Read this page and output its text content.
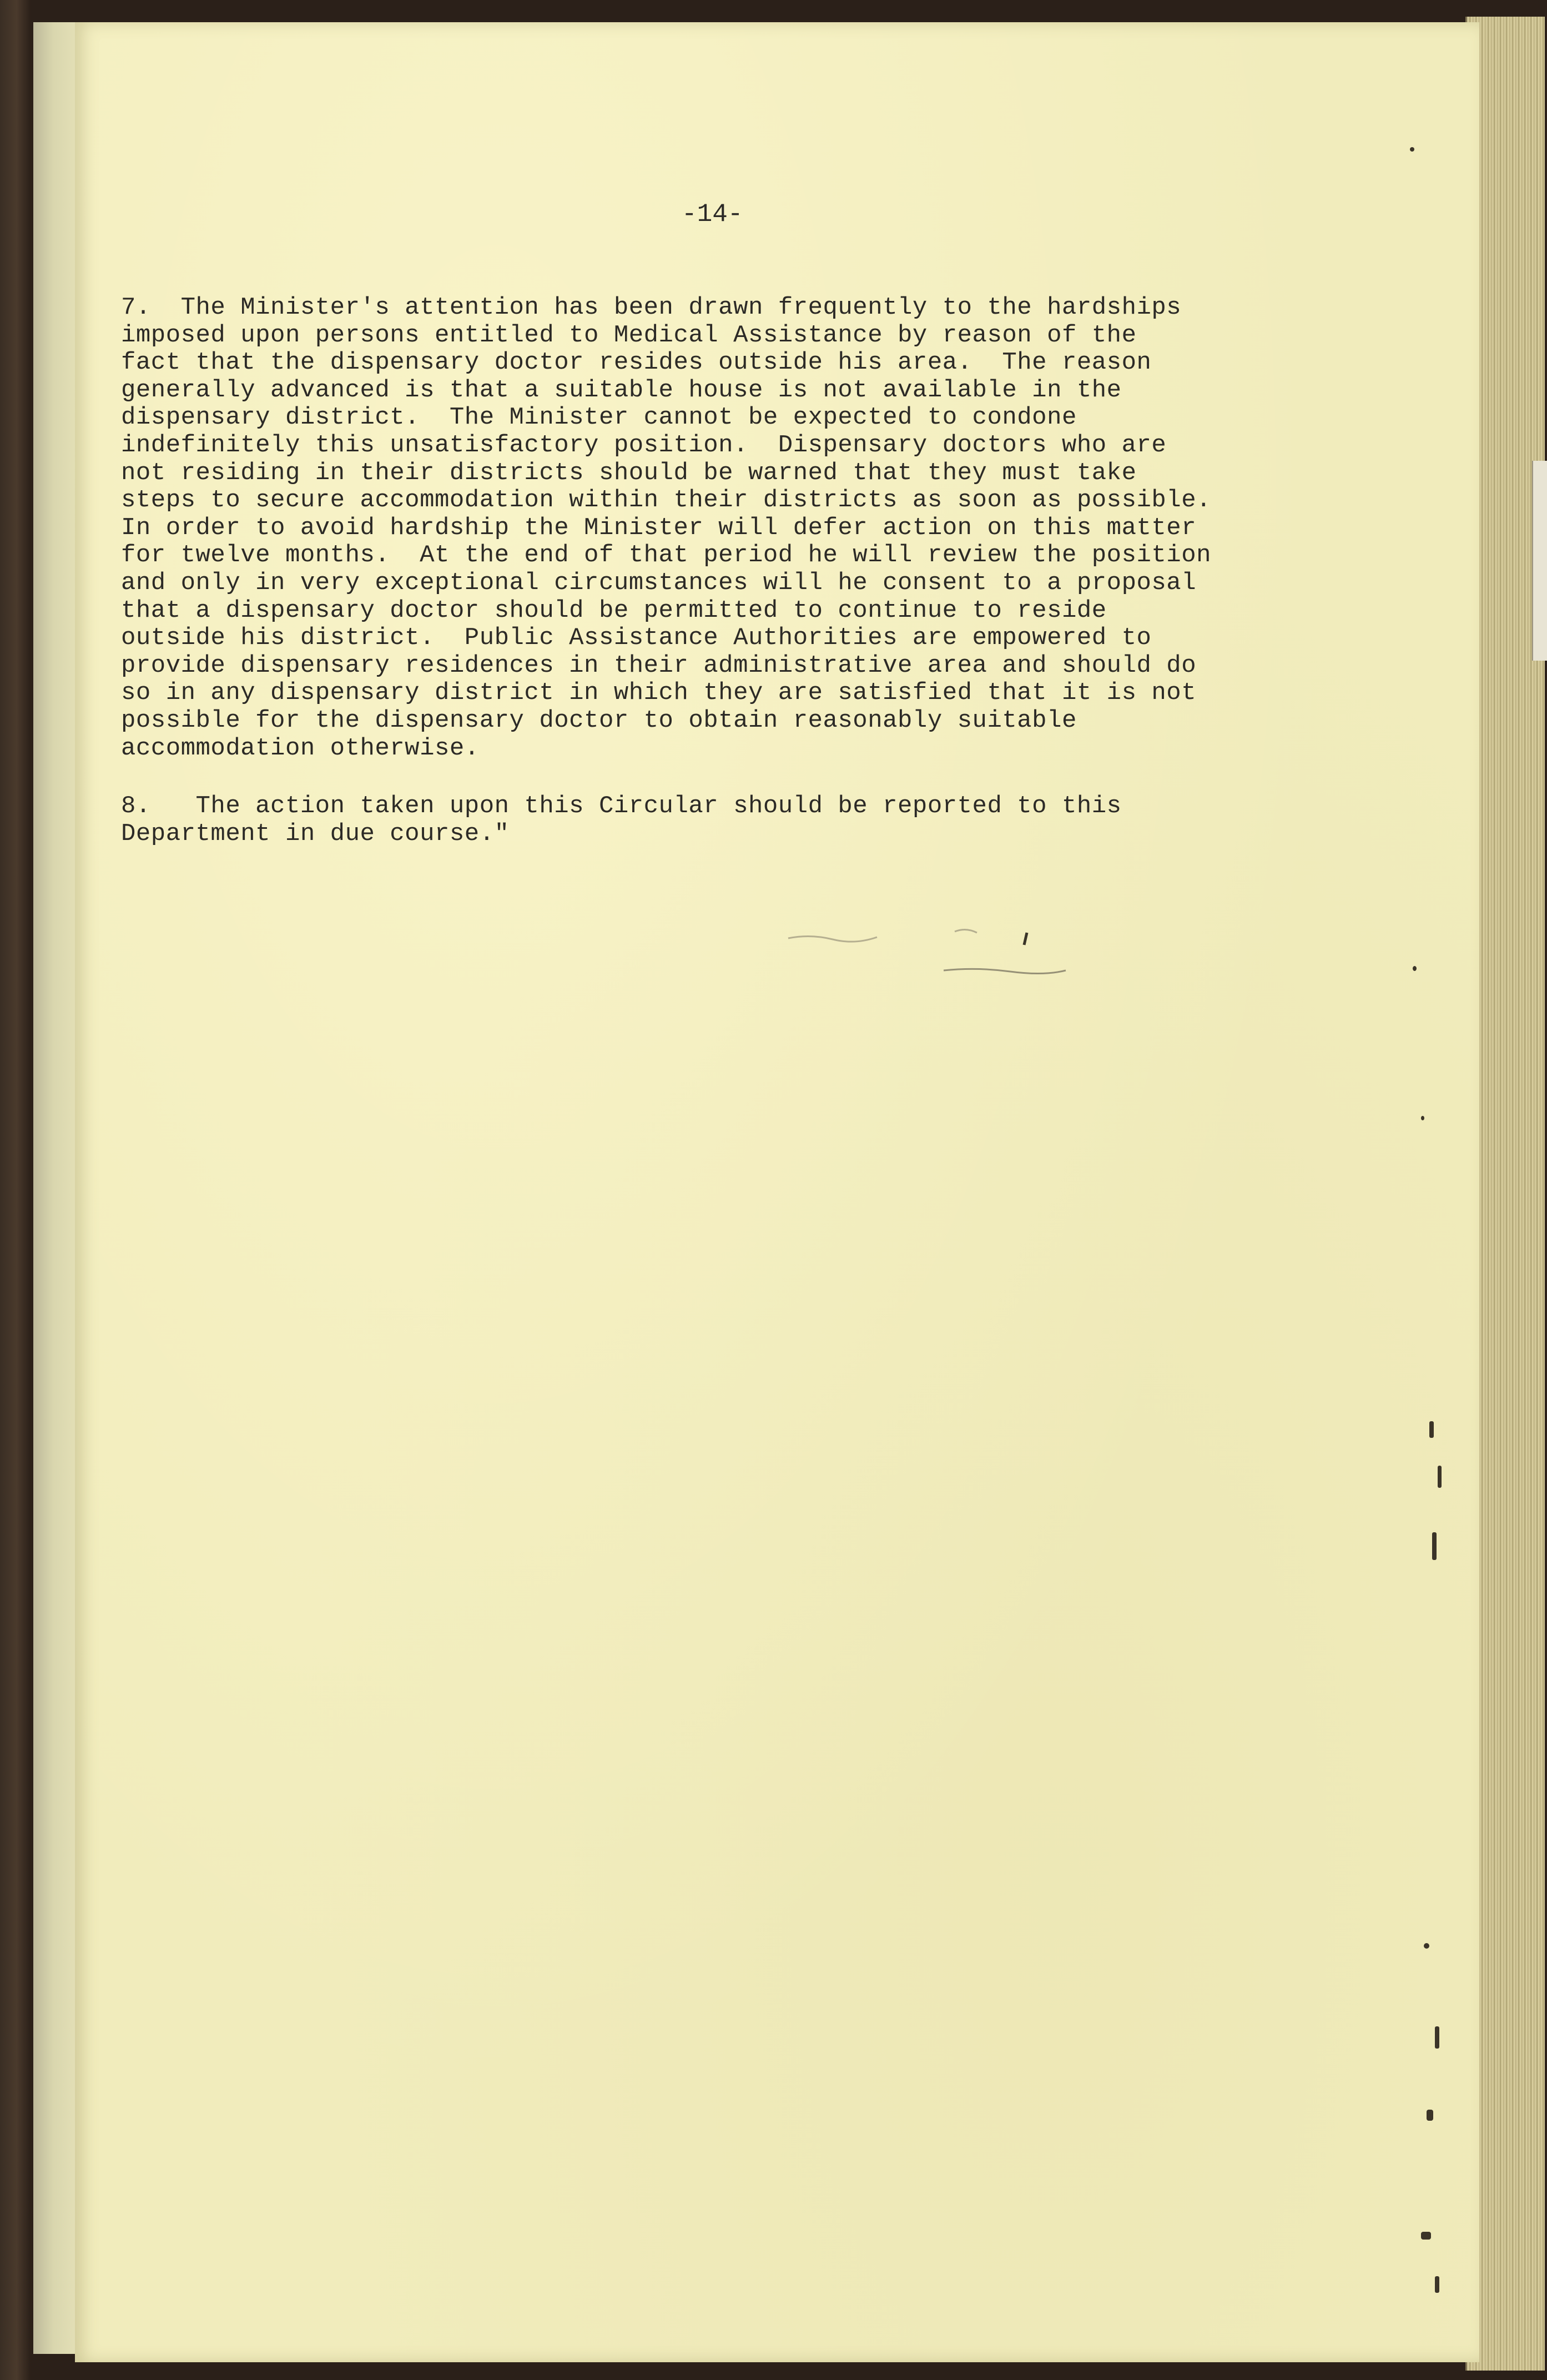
-14-
7.  The Minister's attention has been drawn frequently to the hardships
imposed upon persons entitled to Medical Assistance by reason of the
fact that the dispensary doctor resides outside his area.  The reason
generally advanced is that a suitable house is not available in the
dispensary district.  The Minister cannot be expected to condone
indefinitely this unsatisfactory position.  Dispensary doctors who are
not residing in their districts should be warned that they must take
steps to secure accommodation within their districts as soon as possible.
In order to avoid hardship the Minister will defer action on this matter
for twelve months.  At the end of that period he will review the position
and only in very exceptional circumstances will he consent to a proposal
that a dispensary doctor should be permitted to continue to reside
outside his district.  Public Assistance Authorities are empowered to
provide dispensary residences in their administrative area and should do
so in any dispensary district in which they are satisfied that it is not
possible for the dispensary doctor to obtain reasonably suitable
accommodation otherwise.
8.   The action taken upon this Circular should be reported to this
Department in due course."
